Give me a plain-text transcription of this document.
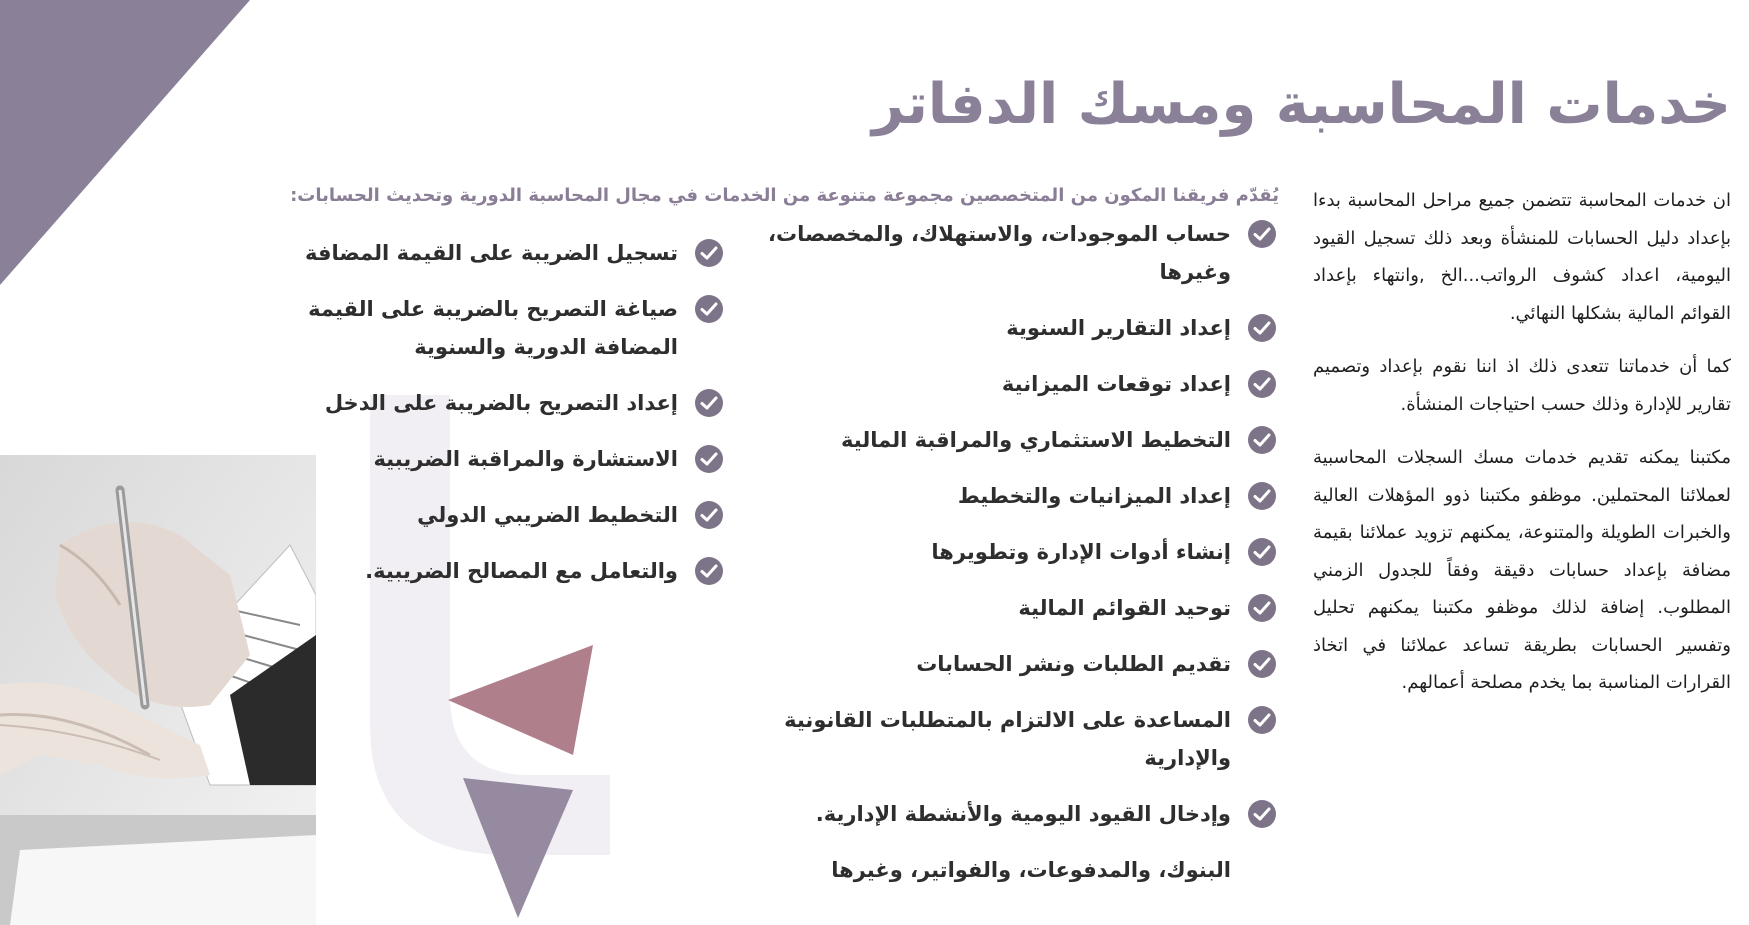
خدمات المحاسبة ومسك الدفاتر
يُقدّم فريقنا المكون من المتخصصين مجموعة متنوعة من الخدمات في مجال المحاسبة الدورية وتحديث الحسابات: ان خدمات المحاسبة تتضمن جميع مراحل المحاسبة بدءا بإعداد دليل الحسابات للمنشأة وبعد ذلك تسجيل القيود اليومية، اعداد كشوف الرواتب...الخ ,وانتهاء بإعداد القوائم المالية بشكلها النهائي.

كما أن خدماتنا تتعدى ذلك اذ اننا نقوم بإعداد وتصميم تقارير للإدارة وذلك حسب احتياجات المنشأة.

مكتبنا يمكنه تقديم خدمات مسك السجلات المحاسبية لعملائنا المحتملين. موظفو مكتبنا ذوو المؤهلات العالية والخبرات الطويلة والمتنوعة، يمكنهم تزويد عملائنا بقيمة مضافة بإعداد حسابات دقيقة وفقاً للجدول الزمني المطلوب. إضافة لذلك موظفو مكتبنا يمكنهم تحليل وتفسير الحسابات بطريقة تساعد عملائنا في اتخاذ القرارات المناسبة بما يخدم مصلحة أعمالهم.

حساب الموجودات، والاستهلاك، والمخصصات، وغيرها
إعداد التقارير السنوية
إعداد توقعات الميزانية
التخطيط الاستثماري والمراقبة المالية
إعداد الميزانيات والتخطيط
إنشاء أدوات الإدارة وتطويرها
توحيد القوائم المالية
تقديم الطلبات ونشر الحسابات
المساعدة على الالتزام بالمتطلبات القانونية والإدارية
وإدخال القيود اليومية والأنشطة الإدارية.
البنوك، والمدفوعات، والفواتير، وغيرها
تسجيل الضريبة على القيمة المضافة
صياغة التصريح بالضريبة على القيمة المضافة الدورية والسنوية
إعداد التصريح بالضريبة على الدخل
الاستشارة والمراقبة الضريبية
التخطيط الضريبي الدولي
والتعامل مع المصالح الضريبية.
